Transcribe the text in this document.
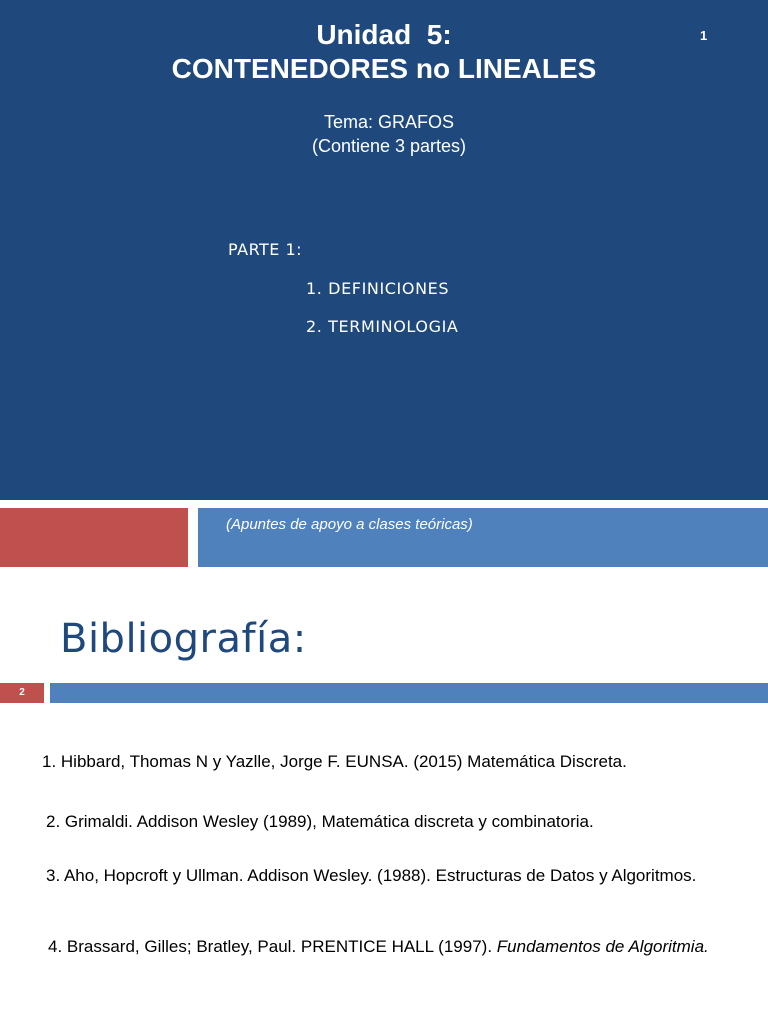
Unidad  5:
CONTENEDORES no LINEALES
1
Tema: GRAFOS
(Contiene 3 partes)
PARTE 1:
1. DEFINICIONES
2. TERMINOLOGIA
(Apuntes de apoyo a clases teóricas)
Bibliografía:
2
1. Hibbard, Thomas N y Yazlle, Jorge F. EUNSA. (2015) Matemática Discreta.
2. Grimaldi. Addison Wesley (1989), Matemática discreta y combinatoria.
3. Aho, Hopcroft y Ullman. Addison Wesley. (1988). Estructuras de Datos y Algoritmos.
4. Brassard, Gilles; Bratley, Paul. PRENTICE HALL (1997). Fundamentos de Algoritmia.
